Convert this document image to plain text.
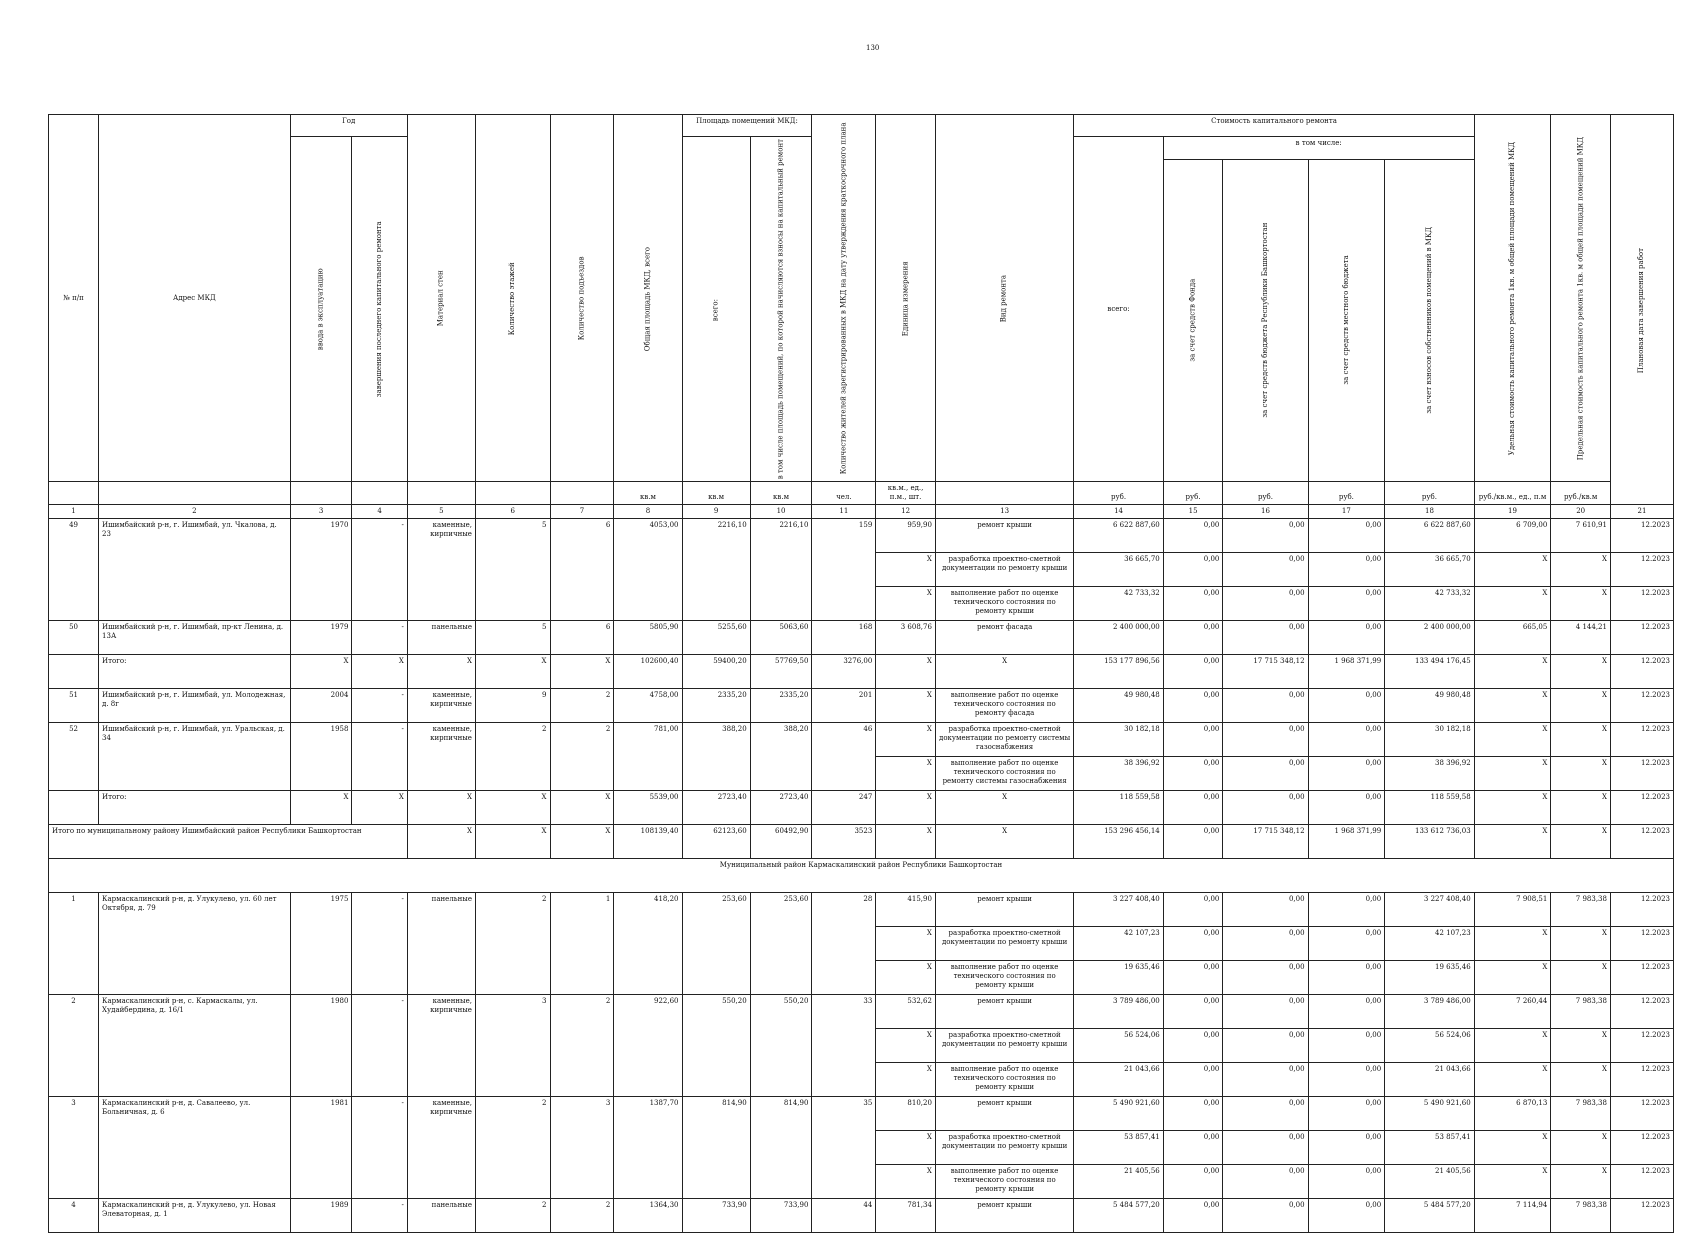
130
№ п/п	Адрес МКД	Год		Материал стен	Количество этажей	Количество подъездов	Общая площадь МКД, всего	Площадь помещений МКД:		Количество жителей зарегистрированных в МКД на дату утверждения краткосрочного плана	Единица измерения	Вид ремонта	Стоимость капитального ремонта					Удельная стоимость капитального ремонта 1кв. м общей площади помещений МКД	Предельная стоимость капитального ремонта 1кв. м общей площади помещений МКД	Плановая дата завершения работ
		ввода в эксплуатацию	завершения последнего капитального ремонта					всего:	в том числе площадь помещений, по которой начисляются взносы на капитальный ремонт				всего:	в том числе:						
														за счет средств Фонда	за счет средств бюджета Республики Башкортостан	за счет средств местного бюджета	за счет взносов собственников помещений в МКД			
							кв.м	кв.м	кв.м	чел.	кв.м., ед., п.м., шт.		руб.	руб.	руб.	руб.	руб.	руб./кв.м., ед., п.м	руб./кв.м	
1	2	3	4	5	6	7	8	9	10	11	12	13	14	15	16	17	18	19	20	21
49	Ишимбайский р-н, г. Ишимбай, ул. Чкалова, д. 23	1970	-	каменные, кирпичные	5	6	4053,00	2216,10	2216,10	159	959,90	ремонт крыши	6 622 887,60	0,00	0,00	0,00	6 622 887,60	6 709,00	7 610,91	12.2023
											X	разработка проектно-сметной документации по ремонту крыши	36 665,70	0,00	0,00	0,00	36 665,70	X	X	12.2023
											X	выполнение работ по оценке технического состояния по ремонту крыши	42 733,32	0,00	0,00	0,00	42 733,32	X	X	12.2023
50	Ишимбайский р-н, г. Ишимбай, пр-кт Ленина, д. 13А	1979	-	панельные	5	6	5805,90	5255,60	5063,60	168	3 608,76	ремонт фасада	2 400 000,00	0,00	0,00	0,00	2 400 000,00	665,05	4 144,21	12.2023
	Итого:	X	X	X	X	X	102600,40	59400,20	57769,50	3276,00	X	X	153 177 896,56	0,00	17 715 348,12	1 968 371,99	133 494 176,45	X	X	12.2023
51	Ишимбайский р-н, г. Ишимбай, ул. Молодежная, д. 8г	2004	-	каменные, кирпичные	9	2	4758,00	2335,20	2335,20	201	X	выполнение работ по оценке технического состояния по ремонту фасада	49 980,48	0,00	0,00	0,00	49 980,48	X	X	12.2023
52	Ишимбайский р-н, г. Ишимбай, ул. Уральская, д. 34	1958	-	каменные, кирпичные	2	2	781,00	388,20	388,20	46	X	разработка проектно-сметной документации по ремонту системы газоснабжения	30 182,18	0,00	0,00	0,00	30 182,18	X	X	12.2023
											X	выполнение работ по оценке технического состояния по ремонту системы газоснабжения	38 396,92	0,00	0,00	0,00	38 396,92	X	X	12.2023
	Итого:	X	X	X	X	X	5539,00	2723,40	2723,40	247	X	X	118 559,58	0,00	0,00	0,00	118 559,58	X	X	12.2023
Итого по муниципальному району Ишимбайский район Республики Башкортостан				X	X	X	108139,40	62123,60	60492,90	3523	X	X	153 296 456,14	0,00	17 715 348,12	1 968 371,99	133 612 736,03	X	X	12.2023
Муниципальный район Кармаскалинский район Республики Башкортостан																				
1	Кармаскалинский р-н, д. Улукулево, ул. 60 лет Октября, д. 79	1975	-	панельные	2	1	418,20	253,60	253,60	28	415,90	ремонт крыши	3 227 408,40	0,00	0,00	0,00	3 227 408,40	7 908,51	7 983,38	12.2023
											X	разработка проектно-сметной документации по ремонту крыши	42 107,23	0,00	0,00	0,00	42 107,23	X	X	12.2023
											X	выполнение работ по оценке технического состояния по ремонту крыши	19 635,46	0,00	0,00	0,00	19 635,46	X	X	12.2023
2	Кармаскалинский р-н, с. Кармаскалы, ул. Худайбердина, д. 16/1	1980	-	каменные, кирпичные	3	2	922,60	550,20	550,20	33	532,62	ремонт крыши	3 789 486,00	0,00	0,00	0,00	3 789 486,00	7 260,44	7 983,38	12.2023
											X	разработка проектно-сметной документации по ремонту крыши	56 524,06	0,00	0,00	0,00	56 524,06	X	X	12.2023
											X	выполнение работ по оценке технического состояния по ремонту крыши	21 043,66	0,00	0,00	0,00	21 043,66	X	X	12.2023
3	Кармаскалинский р-н, д. Савалеево, ул. Больничная, д. 6	1981	-	каменные, кирпичные	2	3	1387,70	814,90	814,90	35	810,20	ремонт крыши	5 490 921,60	0,00	0,00	0,00	5 490 921,60	6 870,13	7 983,38	12.2023
											X	разработка проектно-сметной документации по ремонту крыши	53 857,41	0,00	0,00	0,00	53 857,41	X	X	12.2023
											X	выполнение работ по оценке технического состояния по ремонту крыши	21 405,56	0,00	0,00	0,00	21 405,56	X	X	12.2023
4	Кармаскалинский р-н, д. Улукулево, ул. Новая Элеваторная, д. 1	1989	-	панельные	2	2	1364,30	733,90	733,90	44	781,34	ремонт крыши	5 484 577,20	0,00	0,00	0,00	5 484 577,20	7 114,94	7 983,38	12.2023
